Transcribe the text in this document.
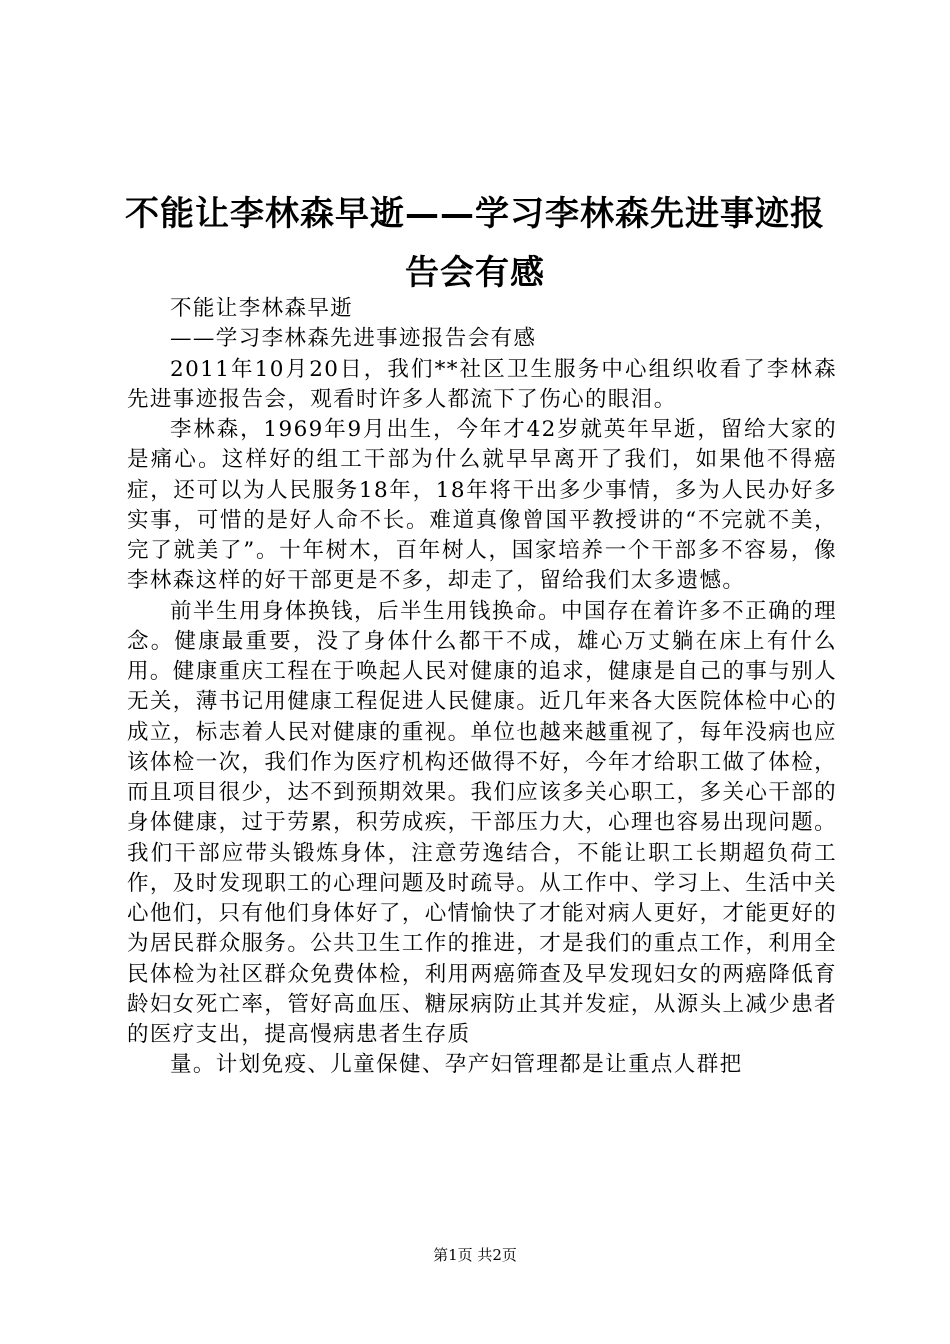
不能让李林森早逝——学习李林森先进事迹报
告会有感

不能让李林森早逝

——学习李林森先进事迹报告会有感

2011年10月20日，我们**社区卫生服务中心组织收看了李林森先进事迹报告会，观看时许多人都流下了伤心的眼泪。

李林森，1969年9月出生，今年才42岁就英年早逝，留给大家的是痛心。这样好的组工干部为什么就早早离开了我们，如果他不得癌症，还可以为人民服务18年，18年将干出多少事情，多为人民办好多实事，可惜的是好人命不长。难道真像曾国平教授讲的“不完就不美，完了就美了”。十年树木，百年树人，国家培养一个干部多不容易，像李林森这样的好干部更是不多，却走了，留给我们太多遗憾。

前半生用身体换钱，后半生用钱换命。中国存在着许多不正确的理念。健康最重要，没了身体什么都干不成，雄心万丈躺在床上有什么用。健康重庆工程在于唤起人民对健康的追求，健康是自己的事与别人无关，薄书记用健康工程促进人民健康。近几年来各大医院体检中心的成立，标志着人民对健康的重视。单位也越来越重视了，每年没病也应该体检一次，我们作为医疗机构还做得不好，今年才给职工做了体检，而且项目很少，达不到预期效果。我们应该多关心职工，多关心干部的身体健康，过于劳累，积劳成疾，干部压力大，心理也容易出现问题。我们干部应带头锻炼身体，注意劳逸结合，不能让职工长期超负荷工作，及时发现职工的心理问题及时疏导。从工作中、学习上、生活中关心他们，只有他们身体好了，心情愉快了才能对病人更好，才能更好的为居民群众服务。公共卫生工作的推进，才是我们的重点工作，利用全民体检为社区群众免费体检，利用两癌筛查及早发现妇女的两癌降低育龄妇女死亡率，管好高血压、糖尿病防止其并发症，从源头上减少患者的医疗支出，提高慢病患者生存质

量。计划免疫、儿童保健、孕产妇管理都是让重点人群把

第1页 共2页
